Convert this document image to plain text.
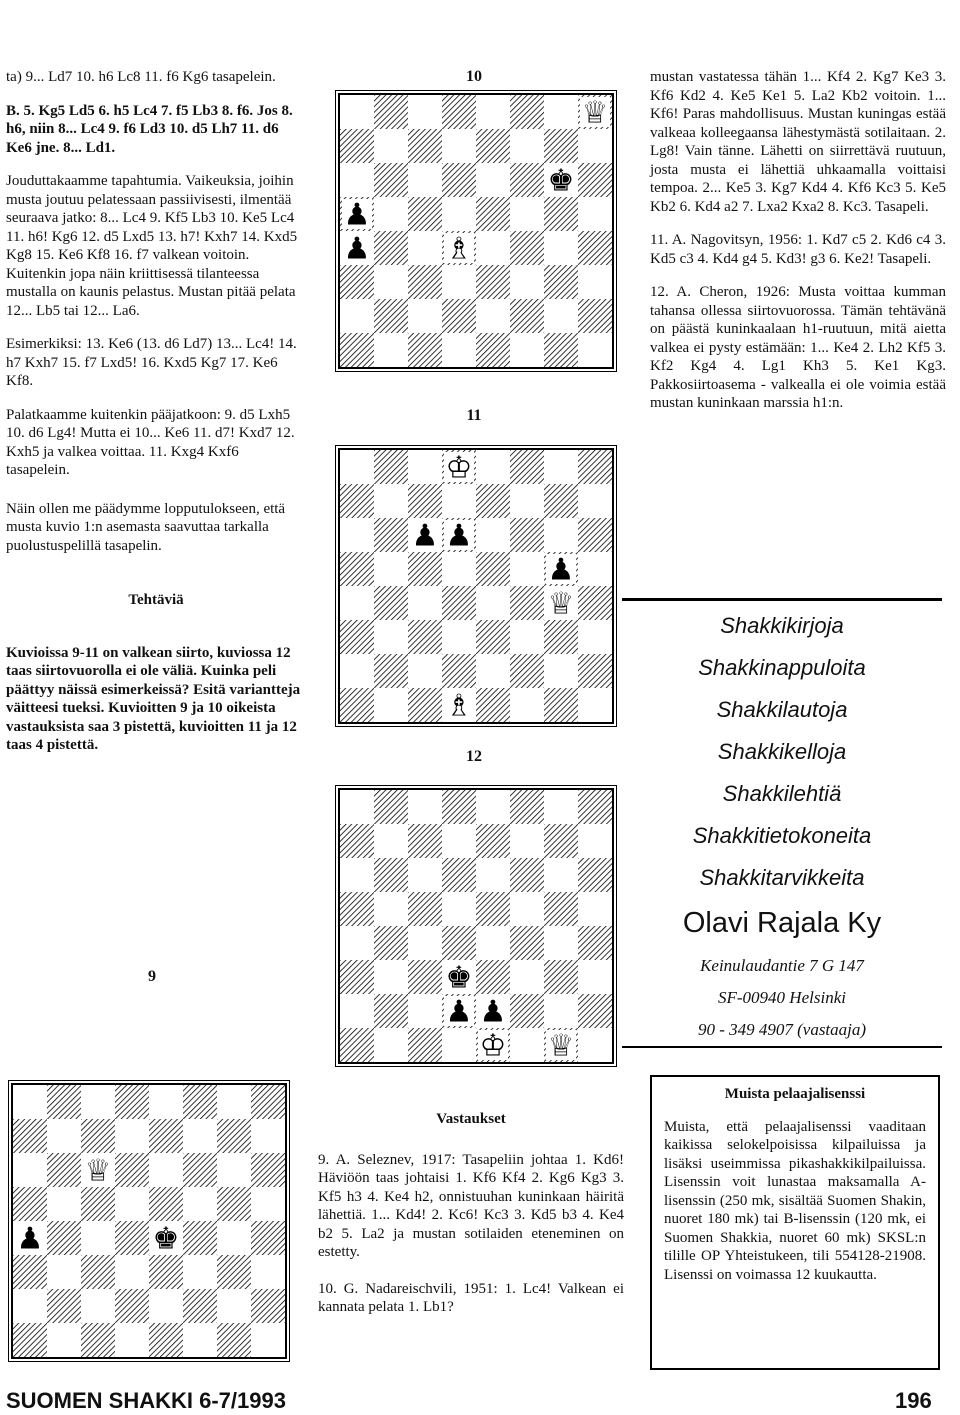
ta) 9... Ld7 10. h6 Lc8 11. f6 Kg6 tasapelein.

B. 5. Kg5 Ld5 6. h5 Lc4 7. f5 Lb3 8. f6. Jos 8. h6, niin 8... Lc4 9. f6 Ld3 10. d5 Lh7 11. d6 Ke6 jne. 8... Ld1.

Jouduttakaamme tapahtumia. Vaikeuksia, joihin musta joutuu pelatessaan passiivisesti, ilmentää seuraava jatko: 8... Lc4 9. Kf5 Lb3 10. Ke5 Lc4 11. h6! Kg6 12. d5 Lxd5 13. h7! Kxh7 14. Kxd5 Kg8 15. Ke6 Kf8 16. f7 valkean voitoin. Kuitenkin jopa näin kriittisessä tilanteessa mustalla on kaunis pelastus. Mustan pitää pelata 12... Lb5 tai 12... La6.

Esimerkiksi: 13. Ke6 (13. d6 Ld7) 13... Lc4! 14. h7 Kxh7 15. f7 Lxd5! 16. Kxd5 Kg7 17. Ke6 Kf8.

Palatkaamme kuitenkin pääjatkoon: 9. d5 Lxh5 10. d6 Lg4! Mutta ei 10... Ke6 11. d7! Kxd7 12. Kxh5 ja valkea voittaa. 11. Kxg4 Kxf6 tasapelein.

Näin ollen me päädymme lopputulokseen, että musta kuvio 1:n asemasta saavuttaa tarkalla puolustuspelillä tasapelin.

Tehtäviä

Kuvioissa 9-11 on valkean siirto, kuviossa 12 taas siirtovuorolla ei ole väliä. Kuinka peli päättyy näissä esimerkeissä? Esitä variantteja väitteesi tueksi. Kuvioitten 9 ja 10 oikeista vastauksista saa 3 pistettä, kuvioitten 11 ja 12 taas 4 pistettä.

10
♕
♚
♟
♟	♗
11
♔
♟ ♟
♟
♕
♗
12
♚
♟ ♟
♔ ♕
9
♕
♟	♚

Vastaukset

9. A. Seleznev, 1917: Tasapeliin johtaa 1. Kd6! Häviöön taas johtaisi 1. Kf6 Kf4 2. Kg6 Kg3 3. Kf5 h3 4. Ke4 h2, onnistuuhan kuninkaan häiritä lähettiä. 1... Kd4! 2. Kc6! Kc3 3. Kd5 b3 4. Ke4 b2 5. La2 ja mustan sotilaiden eteneminen on estetty.

10. G. Nadareischvili, 1951: 1. Lc4! Valkean ei kannata pelata 1. Lb1?

mustan vastatessa tähän 1... Kf4 2. Kg7 Ke3 3. Kf6 Kd2 4. Ke5 Ke1 5. La2 Kb2 voitoin. 1... Kf6! Paras mahdollisuus. Mustan kuningas estää valkeaa kolleegaansa lähestymästä sotilaitaan. 2. Lg8! Vain tänne. Lähetti on siirrettävä ruutuun, josta musta ei lähettiä uhkaamalla voittaisi tempoa. 2... Ke5 3. Kg7 Kd4 4. Kf6 Kc3 5. Ke5 Kb2 6. Kd4 a2 7. Lxa2 Kxa2 8. Kc3. Tasapeli.

11. A. Nagovitsyn, 1956: 1. Kd7 c5 2. Kd6 c4 3. Kd5 c3 4. Kd4 g4 5. Kd3! g3 6. Ke2! Tasapeli.

12. A. Cheron, 1926: Musta voittaa kumman tahansa ollessa siirtovuorossa. Tämän tehtävänä on päästä kuninkaalaan h1-ruutuun, mitä aietta valkea ei pysty estämään: 1... Ke4 2. Lh2 Kf5 3. Kf2 Kg4 4. Lg1 Kh3 5. Ke1 Kg3. Pakkosiirtoasema - valkealla ei ole voimia estää mustan kuninkaan marssia h1:n.

Shakkikirjoja
Shakkinappuloita
Shakkilautoja
Shakkikelloja
Shakkilehtiä
Shakkitietokoneita
Shakkitarvikkeita
Olavi Rajala Ky
Keinulaudantie 7 G 147
SF-00940 Helsinki
90 - 349 4907 (vastaaja)
Muista pelaajalisenssi
Muista, että pelaajalisenssi vaaditaan kaikissa selokelpoisissa kilpailuissa ja lisäksi useimmissa pikashakkikilpailuissa. Lisenssin voit lunastaa maksamalla A-lisenssin (250 mk, sisältää Suomen Shakin, nuoret 180 mk) tai B-lisenssin (120 mk, ei Suomen Shakkia, nuoret 60 mk) SKSL:n tilille OP Yhteistukeen, tili 554128-21908. Lisenssi on voimassa 12 kuukautta.
SUOMEN SHAKKI 6-7/1993	196
